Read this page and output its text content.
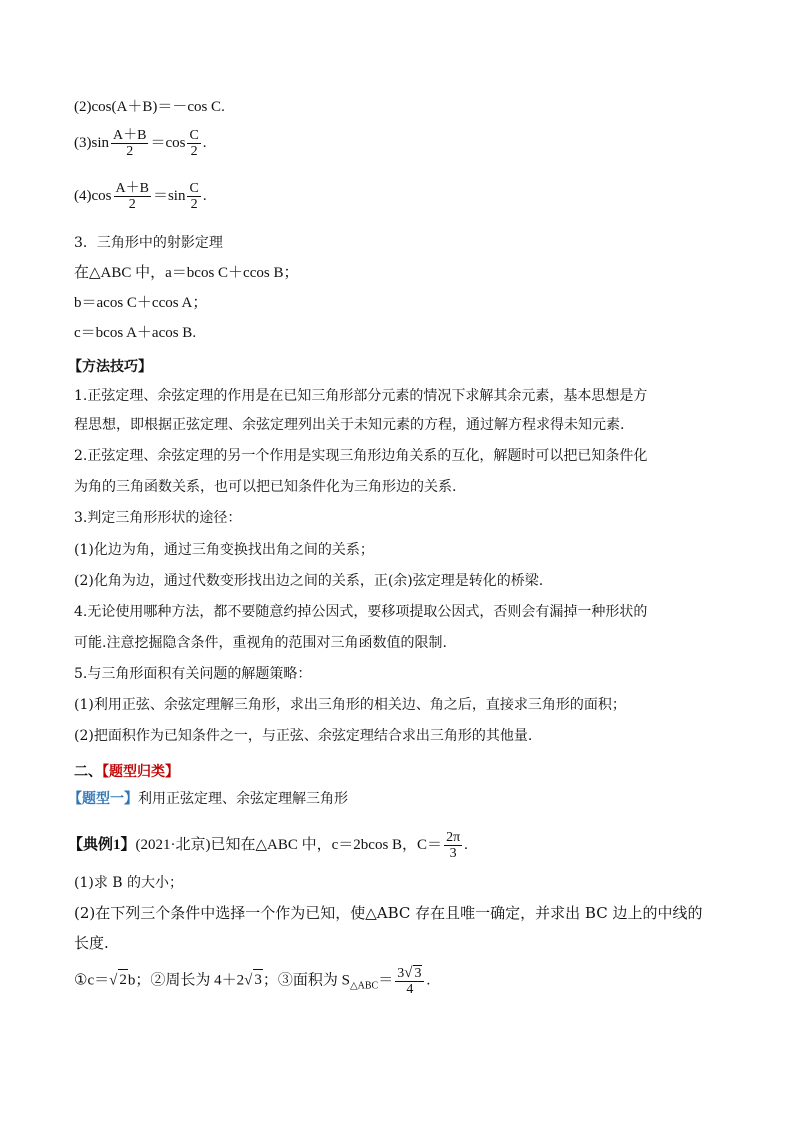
(2)cos(A＋B)＝－cos C.
$(3)\sin \frac{A+B}{2} =\cos \frac{C}{2}$ .
$(4)\cos \frac{A+B}{2} =\sin \frac{C}{2}$ .
3．三角形中的射影定理
在△ABC 中，a＝bcos C＋ccos B；
b＝acos C＋ccos A；
c＝bcos A＋acos B.
【方法技巧】
1.正弦定理、余弦定理的作用是在已知三角形部分元素的情况下求解其余元素，基本思想是方
程思想，即根据正弦定理、余弦定理列出关于未知元素的方程，通过解方程求得未知元素.
2.正弦定理、余弦定理的另一个作用是实现三角形边角关系的互化，解题时可以把已知条件化
为角的三角函数关系，也可以把已知条件化为三角形边的关系.
3.判定三角形形状的途径：
(1)化边为角，通过三角变换找出角之间的关系；
(2)化角为边，通过代数变形找出边之间的关系，正(余)弦定理是转化的桥梁.
4.无论使用哪种方法，都不要随意约掉公因式，要移项提取公因式，否则会有漏掉一种形状的
可能.注意挖掘隐含条件，重视角的范围对三角函数值的限制.
5.与三角形面积有关问题的解题策略：
(1)利用正弦、余弦定理解三角形，求出三角形的相关边、角之后，直接求三角形的面积；
(2)把面积作为已知条件之一，与正弦、余弦定理结合求出三角形的其他量.
二、【题型归类】
【题型一】利用正弦定理、余弦定理解三角形
【典例1】(2021·北京)已知在△ABC 中，c＝2bcos B，$C= \frac{2\pi}{3}$ .
(1)求 B 的大小；
(2)在下列三个条件中选择一个作为已知，使△ABC 存在且唯一确定，并求出 BC 边上的中线的
长度.
①c＝√ 2b；②周长为 4＋2√ 3；③面积为 $S_{\triangle ABC}= \frac{3√ 3}{4}$ .
